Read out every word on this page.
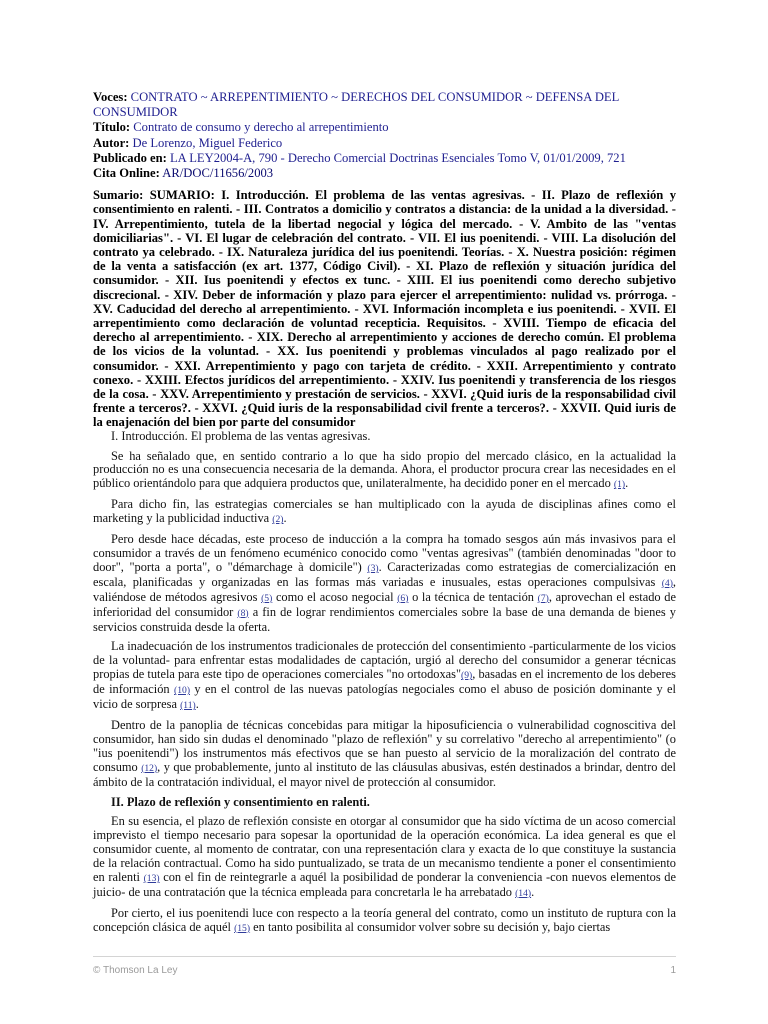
Voces: CONTRATO ~ ARREPENTIMIENTO ~ DERECHOS DEL CONSUMIDOR ~ DEFENSA DEL CONSUMIDOR
Título: Contrato de consumo y derecho al arrepentimiento
Autor: De Lorenzo, Miguel Federico
Publicado en: LA LEY2004-A, 790 - Derecho Comercial Doctrinas Esenciales Tomo V, 01/01/2009, 721
Cita Online: AR/DOC/11656/2003
Sumario: SUMARIO: I. Introducción. El problema de las ventas agresivas. - II. Plazo de reflexión y consentimiento en ralenti. - III. Contratos a domicilio y contratos a distancia: de la unidad a la diversidad. - IV. Arrepentimiento, tutela de la libertad negocial y lógica del mercado. - V. Ambito de las "ventas domiciliarias". - VI. El lugar de celebración del contrato. - VII. El ius poenitendi. - VIII. La disolución del contrato ya celebrado. - IX. Naturaleza jurídica del ius poenitendi. Teorías. - X. Nuestra posición: régimen de la venta a satisfacción (ex art. 1377, Código Civil). - XI. Plazo de reflexión y situación jurídica del consumidor. - XII. Ius poenitendi y efectos ex tunc. - XIII. El ius poenitendi como derecho subjetivo discrecional. - XIV. Deber de información y plazo para ejercer el arrepentimiento: nulidad vs. prórroga. - XV. Caducidad del derecho al arrepentimiento. - XVI. Información incompleta e ius poenitendi. - XVII. El arrepentimiento como declaración de voluntad recepticia. Requisitos. - XVIII. Tiempo de eficacia del derecho al arrepentimiento. - XIX. Derecho al arrepentimiento y acciones de derecho común. El problema de los vicios de la voluntad. - XX. Ius poenitendi y problemas vinculados al pago realizado por el consumidor. - XXI. Arrepentimiento y pago con tarjeta de crédito. - XXII. Arrepentimiento y contrato conexo. - XXIII. Efectos jurídicos del arrepentimiento. - XXIV. Ius poenitendi y transferencia de los riesgos de la cosa. - XXV. Arrepentimiento y prestación de servicios. - XXVI. ¿Quid iuris de la responsabilidad civil frente a terceros?. - XXVI. ¿Quid iuris de la responsabilidad civil frente a terceros?. - XXVII. Quid iuris de la enajenación del bien por parte del consumidor

I. Introducción. El problema de las ventas agresivas.

Se ha señalado que, en sentido contrario a lo que ha sido propio del mercado clásico, en la actualidad la producción no es una consecuencia necesaria de la demanda. Ahora, el productor procura crear las necesidades en el público orientándolo para que adquiera productos que, unilateralmente, ha decidido poner en el mercado (1).

Para dicho fin, las estrategias comerciales se han multiplicado con la ayuda de disciplinas afines como el marketing y la publicidad inductiva (2).

Pero desde hace décadas, este proceso de inducción a la compra ha tomado sesgos aún más invasivos para el consumidor a través de un fenómeno ecuménico conocido como "ventas agresivas" (también denominadas "door to door", "porta a porta", o "démarchage à domicile") (3). Caracterizadas como estrategias de comercialización en escala, planificadas y organizadas en las formas más variadas e inusuales, estas operaciones compulsivas (4), valiéndose de métodos agresivos (5) como el acoso negocial (6) o la técnica de tentación (7), aprovechan el estado de inferioridad del consumidor (8) a fin de lograr rendimientos comerciales sobre la base de una demanda de bienes y servicios construida desde la oferta.

La inadecuación de los instrumentos tradicionales de protección del consentimiento -particularmente de los vicios de la voluntad- para enfrentar estas modalidades de captación, urgió al derecho del consumidor a generar técnicas propias de tutela para este tipo de operaciones comerciales "no ortodoxas"(9), basadas en el incremento de los deberes de información (10) y en el control de las nuevas patologías negociales como el abuso de posición dominante y el vicio de sorpresa (11).

Dentro de la panoplia de técnicas concebidas para mitigar la hiposuficiencia o vulnerabilidad cognoscitiva del consumidor, han sido sin dudas el denominado "plazo de reflexión" y su correlativo "derecho al arrepentimiento" (o "ius poenitendi") los instrumentos más efectivos que se han puesto al servicio de la moralización del contrato de consumo (12), y que probablemente, junto al instituto de las cláusulas abusivas, estén destinados a brindar, dentro del ámbito de la contratación individual, el mayor nivel de protección al consumidor.

II. Plazo de reflexión y consentimiento en ralenti.

En su esencia, el plazo de reflexión consiste en otorgar al consumidor que ha sido víctima de un acoso comercial imprevisto el tiempo necesario para sopesar la oportunidad de la operación económica. La idea general es que el consumidor cuente, al momento de contratar, con una representación clara y exacta de lo que constituye la sustancia de la relación contractual. Como ha sido puntualizado, se trata de un mecanismo tendiente a poner el consentimiento en ralenti (13) con el fin de reintegrarle a aquél la posibilidad de ponderar la conveniencia -con nuevos elementos de juicio- de una contratación que la técnica empleada para concretarla le ha arrebatado (14).

Por cierto, el ius poenitendi luce con respecto a la teoría general del contrato, como un instituto de ruptura con la concepción clásica de aquél (15) en tanto posibilita al consumidor volver sobre su decisión y, bajo ciertas

© Thomson La Ley	1
